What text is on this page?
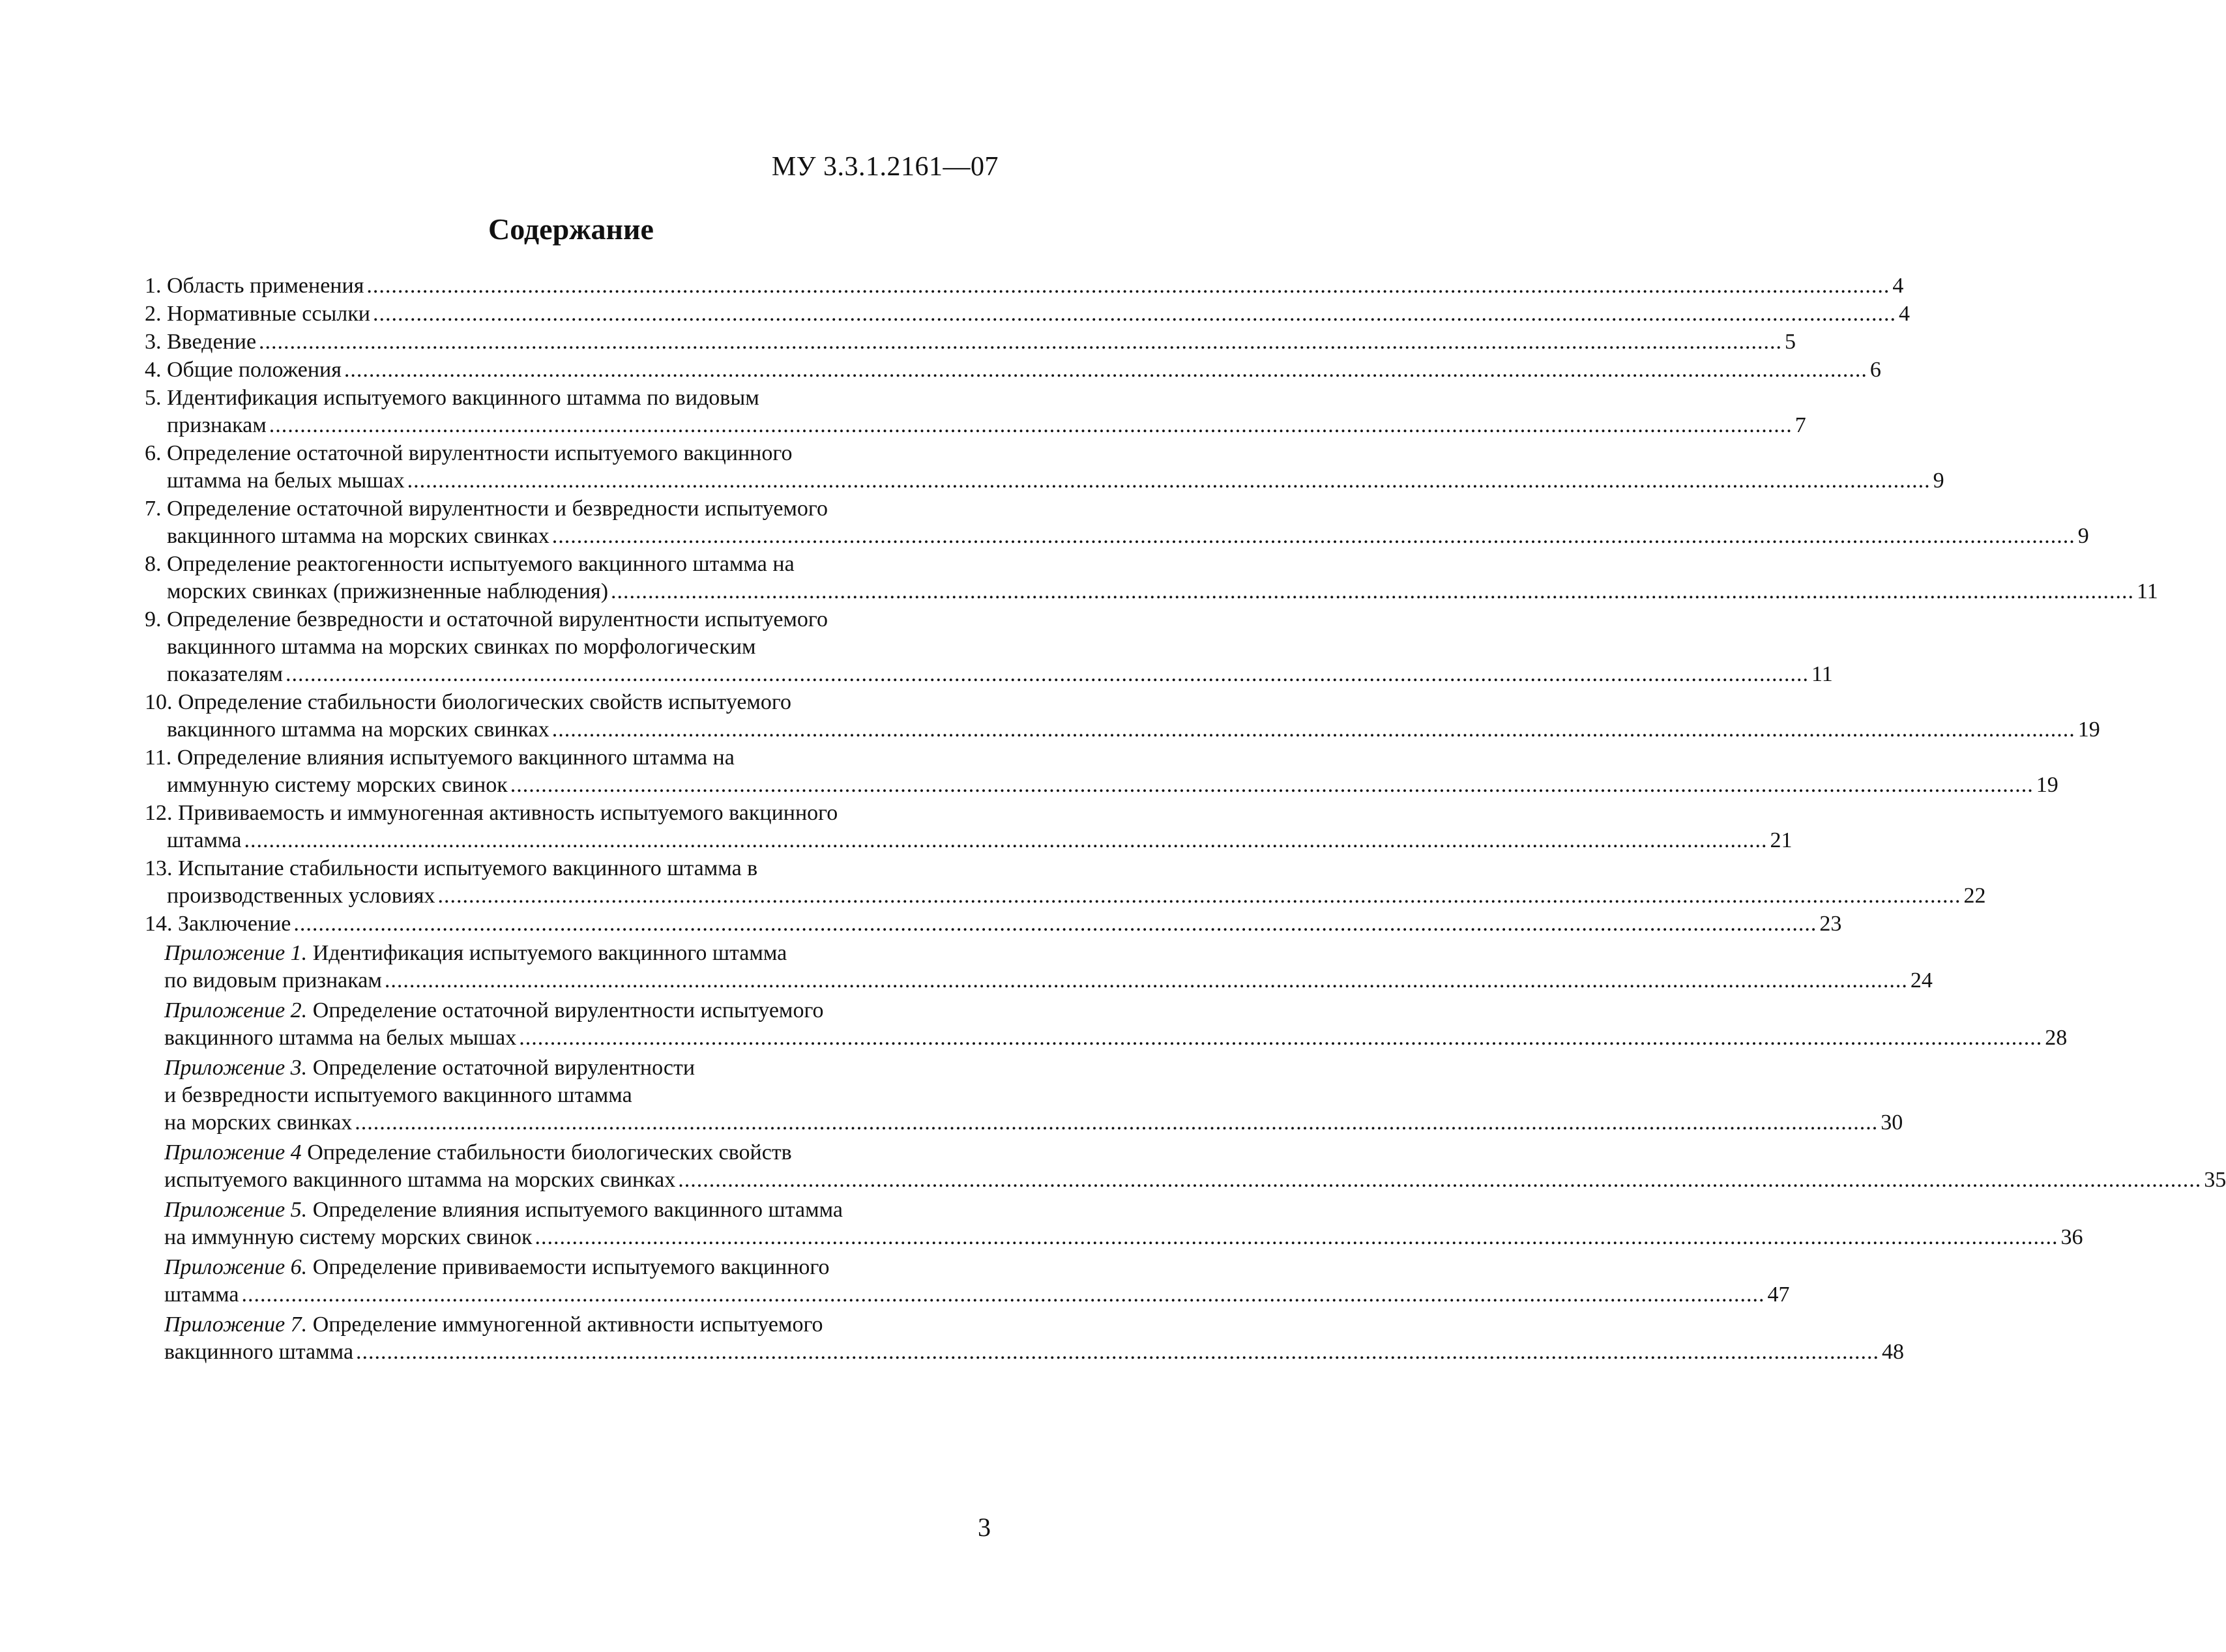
МУ 3.3.1.2161—07
Содержание
1. Область применения .....	4
2. Нормативные ссылки .....	4
3. Введение .....	5
4. Общие положения .....	6
5. Идентификация испытуемого вакцинного штамма по видовым
признакам .....	7
6. Определение остаточной вирулентности испытуемого вакцинного
штамма на белых мышах .....	9
7. Определение остаточной вирулентности и безвредности испытуемого
вакцинного штамма на морских свинках .....	9
8. Определение реактогенности испытуемого вакцинного штамма на
морских свинках (прижизненные наблюдения) .....	11
9. Определение безвредности и остаточной вирулентности испытуемого
вакцинного штамма на морских свинках по морфологическим
показателям .....	11
10. Определение стабильности биологических свойств испытуемого
вакцинного штамма на морских свинках .....	19
11. Определение влияния испытуемого вакцинного штамма на
иммунную систему морских свинок .....	19
12. Прививаемость и иммуногенная активность испытуемого вакцинного
штамма .....	21
13. Испытание стабильности испытуемого вакцинного штамма в
производственных условиях .....	22
14. Заключение .....	23
Приложение 1. Идентификация испытуемого вакцинного штамма
по видовым признакам .....	24
Приложение 2. Определение остаточной вирулентности испытуемого
вакцинного штамма на белых мышах .....	28
Приложение 3. Определение остаточной вирулентности
и безвредности испытуемого вакцинного штамма
на морских свинках .....	30
Приложение 4 Определение стабильности биологических свойств
испытуемого вакцинного штамма на морских свинках .....	35
Приложение 5. Определение влияния испытуемого вакцинного штамма
на иммунную систему морских свинок .....	36
Приложение 6. Определение прививаемости испытуемого вакцинного
штамма .....	47
Приложение 7. Определение иммуногенной активности испытуемого
вакцинного штамма .....	48
3
